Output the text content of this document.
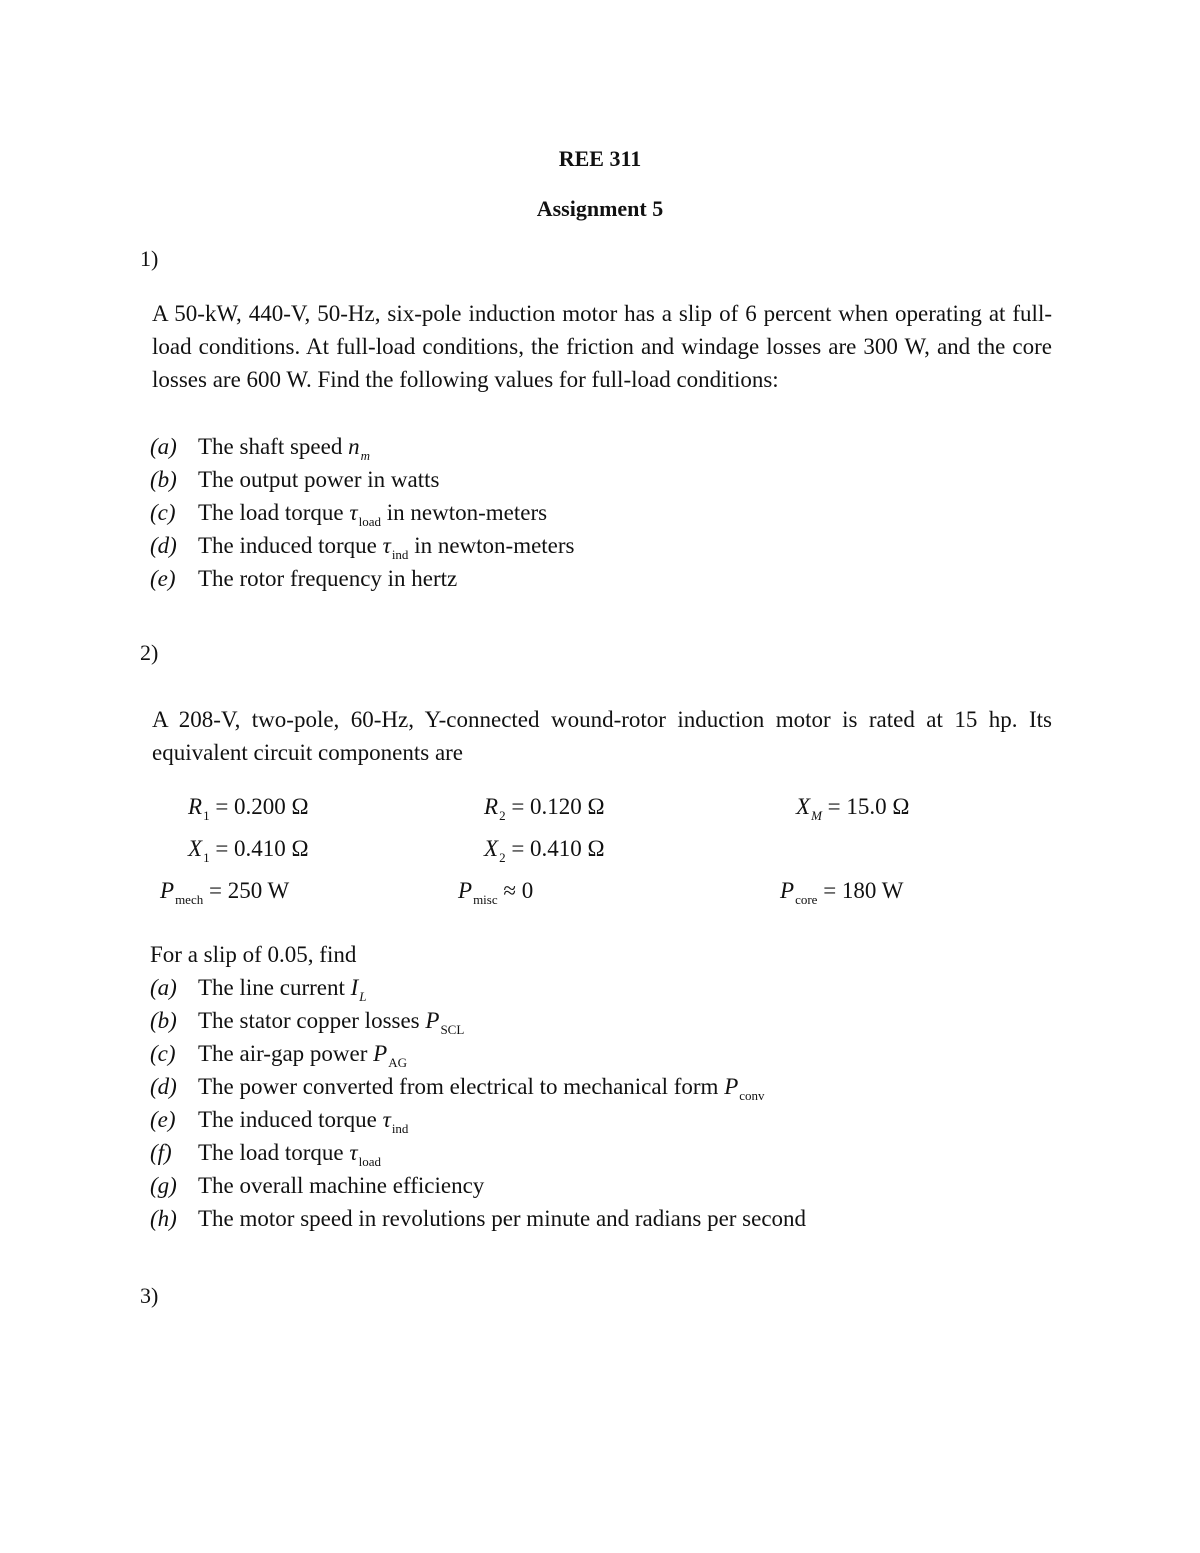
REE 311
Assignment 5
1)
A 50-kW, 440-V, 50-Hz, six-pole induction motor has a slip of 6 percent when operating at full-load conditions. At full-load conditions, the friction and windage losses are 300 W, and the core losses are 600 W. Find the following values for full-load conditions:
(a) The shaft speed $n_m$
(b) The output power in watts
(c) The load torque $\tau_{load}$ in newton-meters
(d) The induced torque $\tau_{ind}$ in newton-meters
(e) The rotor frequency in hertz
2)
A 208-V, two-pole, 60-Hz, Y-connected wound-rotor induction motor is rated at 15 hp. Its equivalent circuit components are
$R_1 = 0.200$ Ω	$R_2 = 0.120$ Ω	$X_M = 15.0$ Ω
$X_1 = 0.410$ Ω	$X_2 = 0.410$ Ω
$P_{mech} = 250$ W	$P_{misc} \approx 0$	$P_{core} = 180$ W
For a slip of 0.05, find
(a) The line current $I_L$
(b) The stator copper losses $P_{SCL}$
(c) The air-gap power $P_{AG}$
(d) The power converted from electrical to mechanical form $P_{conv}$
(e) The induced torque $\tau_{ind}$
(f) The load torque $\tau_{load}$
(g) The overall machine efficiency
(h) The motor speed in revolutions per minute and radians per second
3)
